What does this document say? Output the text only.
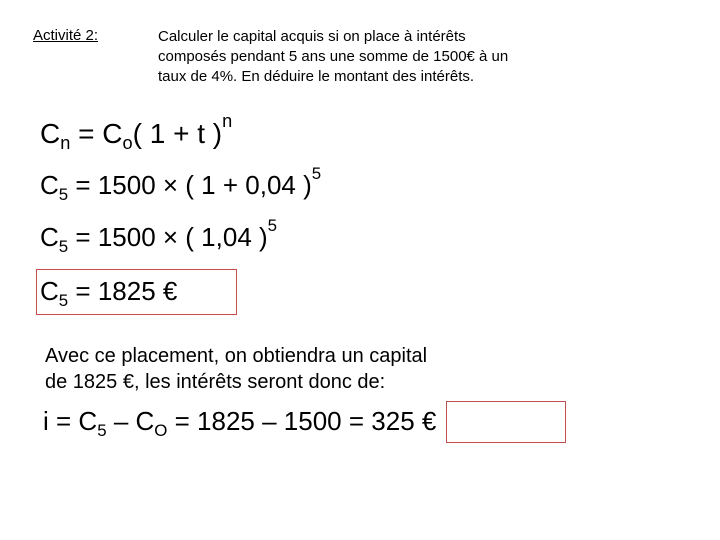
Activité 2:	Calculer le capital acquis si on place à intérêts
composés pendant 5 ans une somme de 1500€ à un
taux de 4%. En déduire le montant des intérêts.
$C_n = C_o$( 1 + t )$^n$
$C_5 = 1500$ × ( 1 + 0,04 )$^5$
$C_5 = 1500$ × ( 1,04 )$^5$
$C_5 = 1825$ €
Avec ce placement, on obtiendra un capital
de 1825 €, les intérêts seront donc de:
$i = C_5 - C_O = 1825 - 1500 = 325$ €
